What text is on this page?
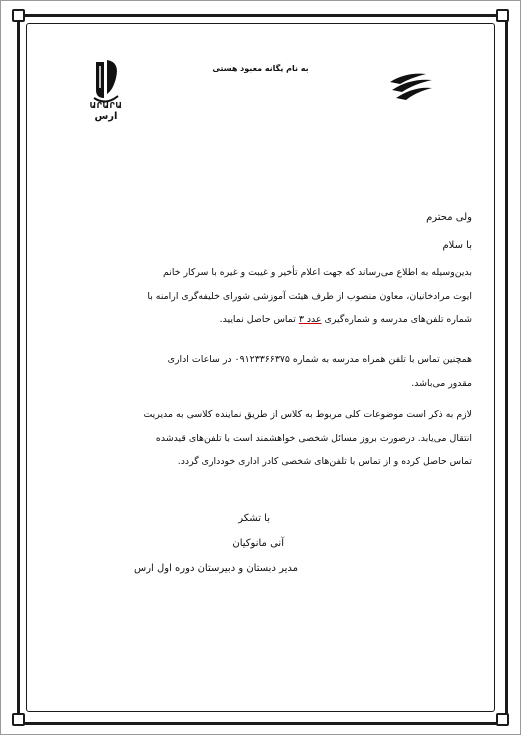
به نام یگانه معبود هستی
ԱՐԱՐԱ
ارس
ولی محترم
با سلام
بدین‌وسیله به اطلاع می‌رساند که جهت اعلام تأخیر و غیبت و غیره با سرکار خانم
ایوت مرادخانیان، معاون منصوب از طرف هیئت آموزشی شورای خلیفه‌گری ارامنه با
شماره تلفن‌های مدرسه و شماره‌گیری عدد ۳ تماس حاصل نمایید.
همچنین تماس با تلفن همراه مدرسه به شماره ۰۹۱۲۳۳۶۶۳۷۵ در ساعات اداری
مقدور می‌باشد.
لازم به ذکر است موضوعات کلی مربوط به کلاس از طریق نماینده کلاسی به مدیریت
انتقال می‌یابد. درصورت بروز مسائل شخصی خواهشمند است با تلفن‌های قیدشده
تماس حاصل کرده و از تماس با تلفن‌های شخصی کادر اداری خودداری گردد.
با تشکر
آنی مانوکیان
مدیر دبستان و دبیرستان دوره اول ارس
